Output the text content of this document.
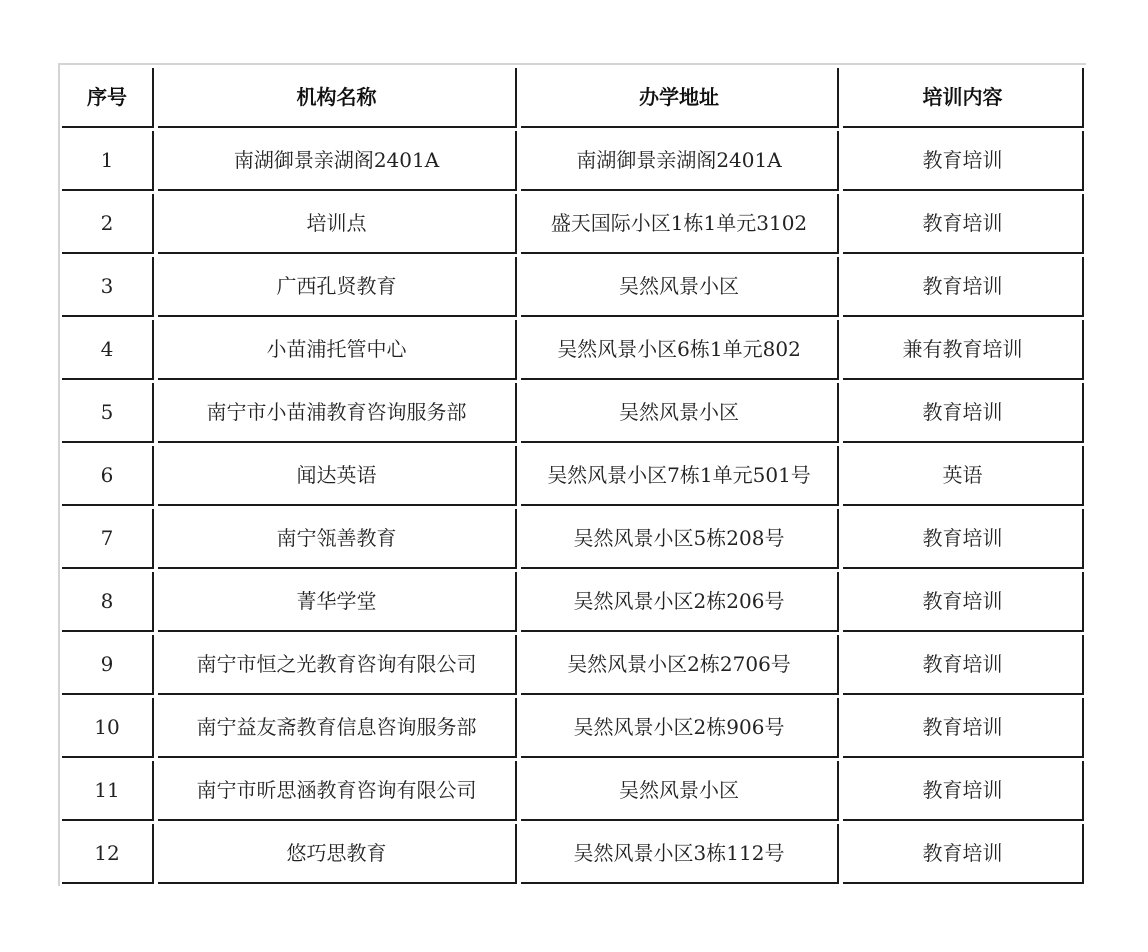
序号	机构名称	办学地址	培训内容
1	南湖御景亲湖阁2401A	南湖御景亲湖阁2401A	教育培训
2	培训点	盛天国际小区1栋1单元3102	教育培训
3	广西孔贤教育	吴然风景小区	教育培训
4	小苗浦托管中心	吴然风景小区6栋1单元802	兼有教育培训
5	南宁市小苗浦教育咨询服务部	吴然风景小区	教育培训
6	闻达英语	吴然风景小区7栋1单元501号	英语
7	南宁瓴善教育	吴然风景小区5栋208号	教育培训
8	菁华学堂	吴然风景小区2栋206号	教育培训
9	南宁市恒之光教育咨询有限公司	吴然风景小区2栋2706号	教育培训
10	南宁益友斋教育信息咨询服务部	吴然风景小区2栋906号	教育培训
11	南宁市昕思涵教育咨询有限公司	吴然风景小区	教育培训
12	悠巧思教育	吴然风景小区3栋112号	教育培训
